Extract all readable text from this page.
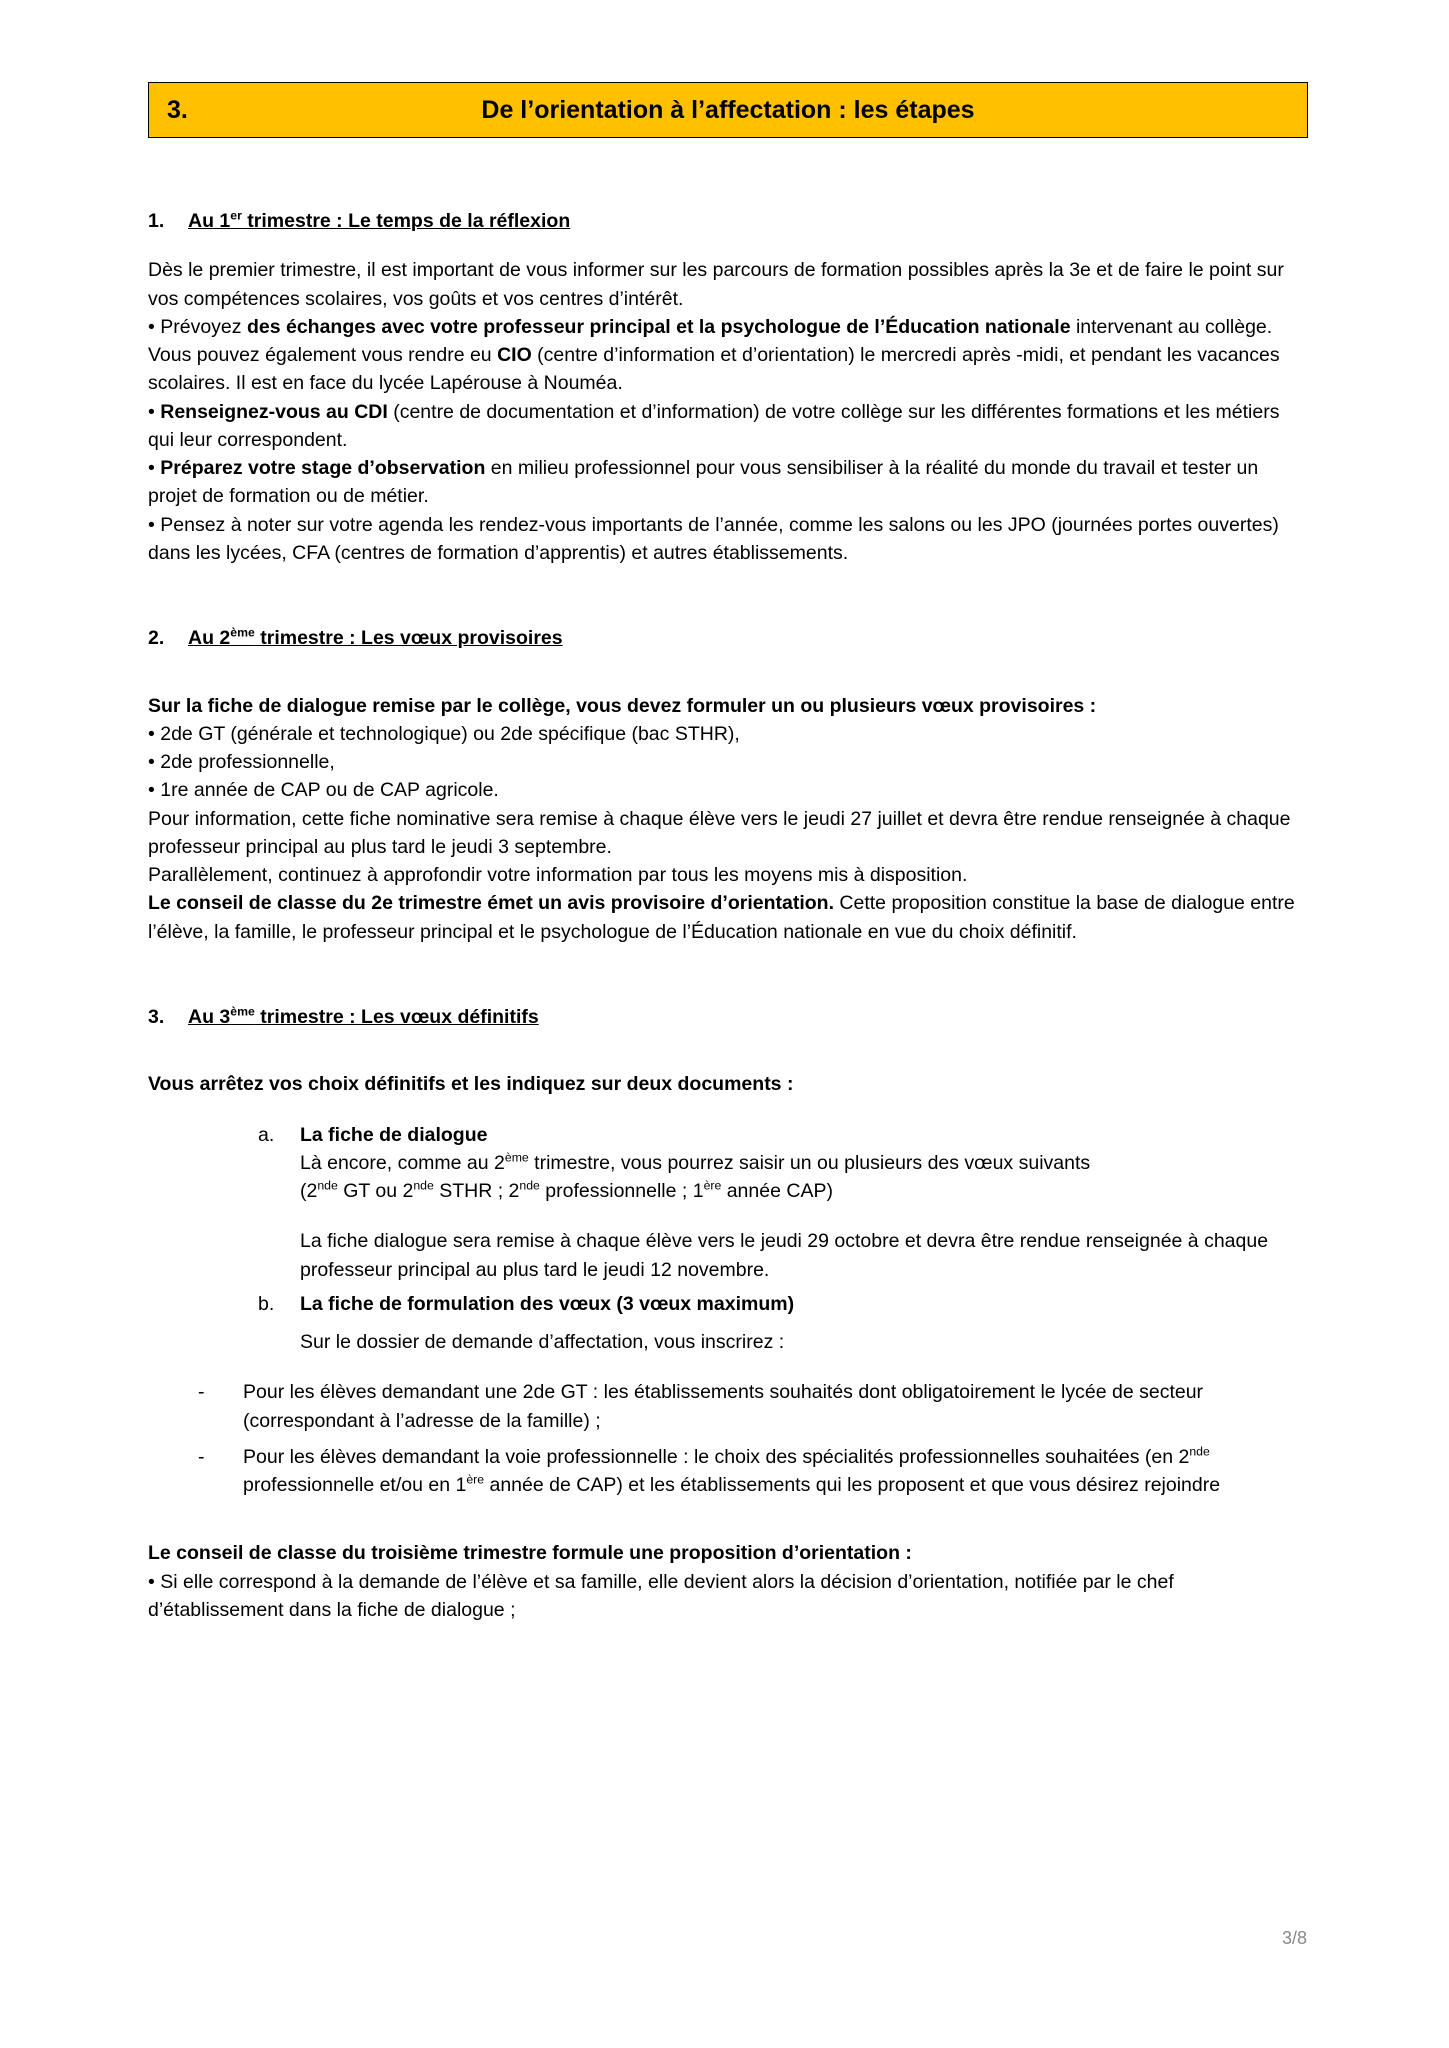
3.	De l’orientation à l’affectation : les étapes
1.	Au 1er trimestre : Le temps de la réflexion

Dès le premier trimestre, il est important de vous informer sur les parcours de formation possibles après la 3e et de faire le point sur vos compétences scolaires, vos goûts et vos centres d’intérêt.

• Prévoyez des échanges avec votre professeur principal et la psychologue de l’Éducation nationale intervenant au collège. Vous pouvez également vous rendre eu CIO (centre d’information et d’orientation) le mercredi après -midi, et pendant les vacances scolaires. Il est en face du lycée Lapérouse à Nouméa.

• Renseignez-vous au CDI (centre de documentation et d’information) de votre collège sur les différentes formations et les métiers qui leur correspondent.

• Préparez votre stage d’observation en milieu professionnel pour vous sensibiliser à la réalité du monde du travail et tester un projet de formation ou de métier.

• Pensez à noter sur votre agenda les rendez-vous importants de l’année, comme les salons ou les JPO (journées portes ouvertes) dans les lycées, CFA (centres de formation d’apprentis) et autres établissements.

2.	Au 2ème trimestre : Les vœux provisoires

Sur la fiche de dialogue remise par le collège, vous devez formuler un ou plusieurs vœux provisoires :

• 2de GT (générale et technologique) ou 2de spécifique (bac STHR),

• 2de professionnelle,

• 1re année de CAP ou de CAP agricole.

Pour information, cette fiche nominative sera remise à chaque élève vers le jeudi 27 juillet et devra être rendue renseignée à chaque professeur principal au plus tard le jeudi 3 septembre.

Parallèlement, continuez à approfondir votre information par tous les moyens mis à disposition.

Le conseil de classe du 2e trimestre émet un avis provisoire d’orientation. Cette proposition constitue la base de dialogue entre l’élève, la famille, le professeur principal et le psychologue de l’Éducation nationale en vue du choix définitif.

3.	Au 3ème trimestre : Les vœux définitifs

Vous arrêtez vos choix définitifs et les indiquez sur deux documents :

a.	La fiche de dialogue
Là encore, comme au 2ème trimestre, vous pourrez saisir un ou plusieurs des vœux suivants
(2nde GT ou 2nde STHR ; 2nde professionnelle ; 1ère année CAP)
La fiche dialogue sera remise à chaque élève vers le jeudi 29 octobre et devra être rendue renseignée à chaque professeur principal au plus tard le jeudi 12 novembre.
b.	La fiche de formulation des vœux (3 vœux maximum)
Sur le dossier de demande d’affectation, vous inscrirez :
-	Pour les élèves demandant une 2de GT : les établissements souhaités dont obligatoirement le lycée de secteur (correspondant à l’adresse de la famille) ;
-	Pour les élèves demandant la voie professionnelle : le choix des spécialités professionnelles souhaitées (en 2nde professionnelle et/ou en 1ère année de CAP) et les établissements qui les proposent et que vous désirez rejoindre

Le conseil de classe du troisième trimestre formule une proposition d’orientation :

• Si elle correspond à la demande de l’élève et sa famille, elle devient alors la décision d’orientation, notifiée par le chef d’établissement dans la fiche de dialogue ;

3/8
